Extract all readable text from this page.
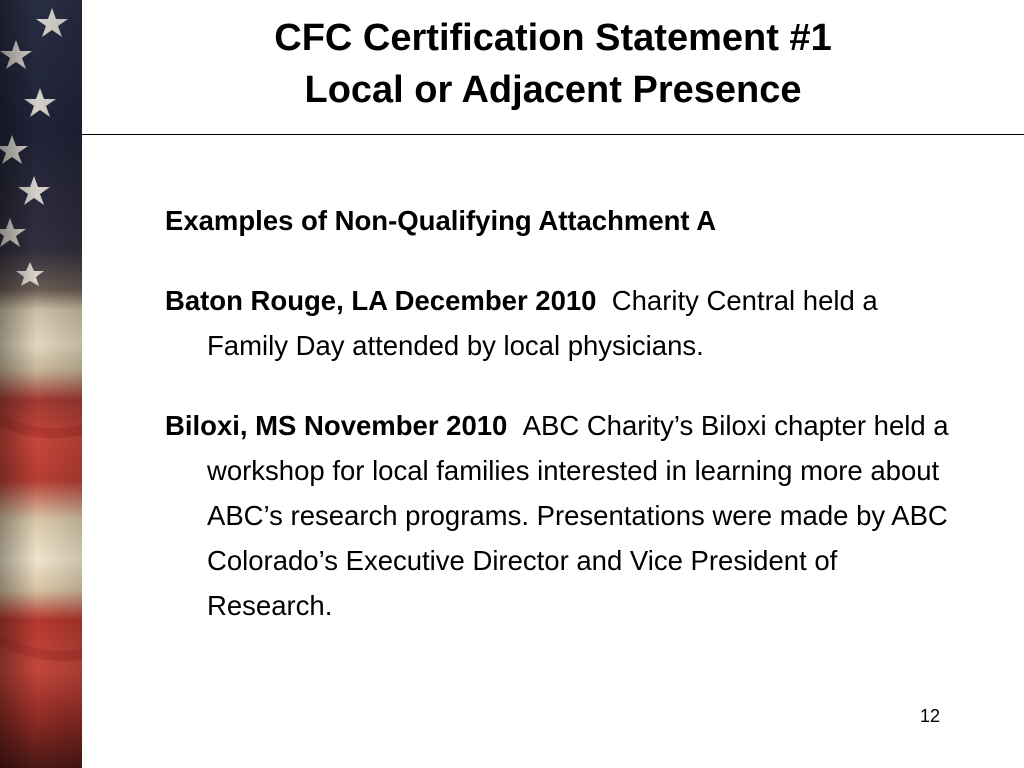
CFC Certification Statement #1
Local or Adjacent Presence

Examples of Non-Qualifying Attachment A

Baton Rouge, LA December 2010 Charity Central held a Family Day attended by local physicians.

Biloxi, MS November 2010 ABC Charity’s Biloxi chapter held a workshop for local families interested in learning more about ABC’s research programs. Presentations were made by ABC Colorado’s Executive Director and Vice President of Research.

12
